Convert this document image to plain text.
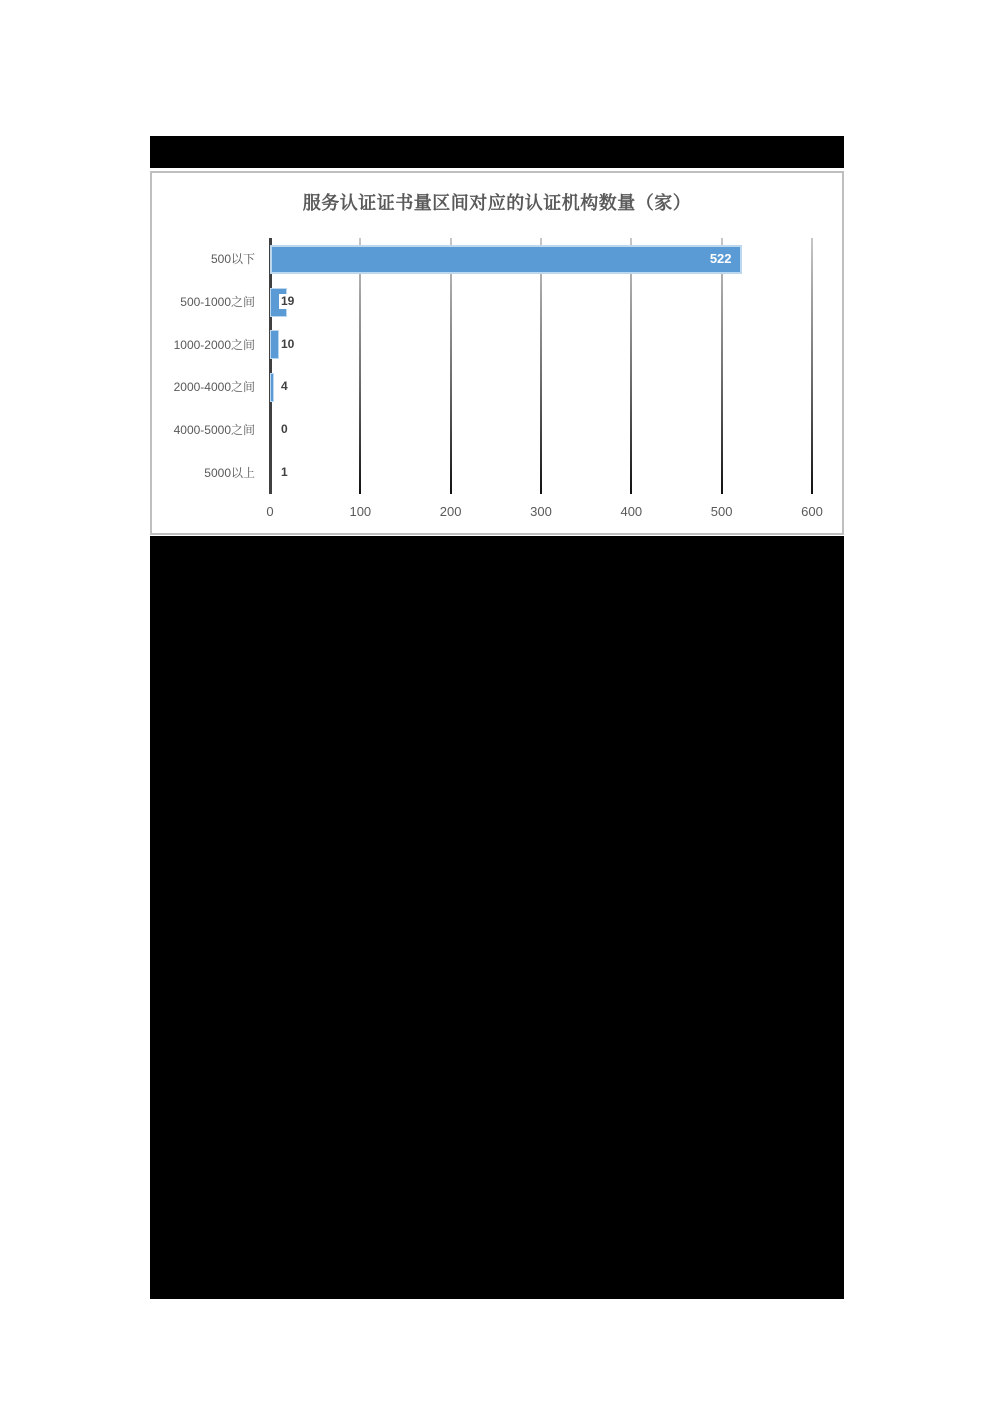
服务认证证书量区间对应的认证机构数量（家）
500以下	522
500-1000之间 19
1000-2000之间 10
2000-4000之间 4
4000-5000之间 0
5000以上 1
0	100	200	300	400	500	600
